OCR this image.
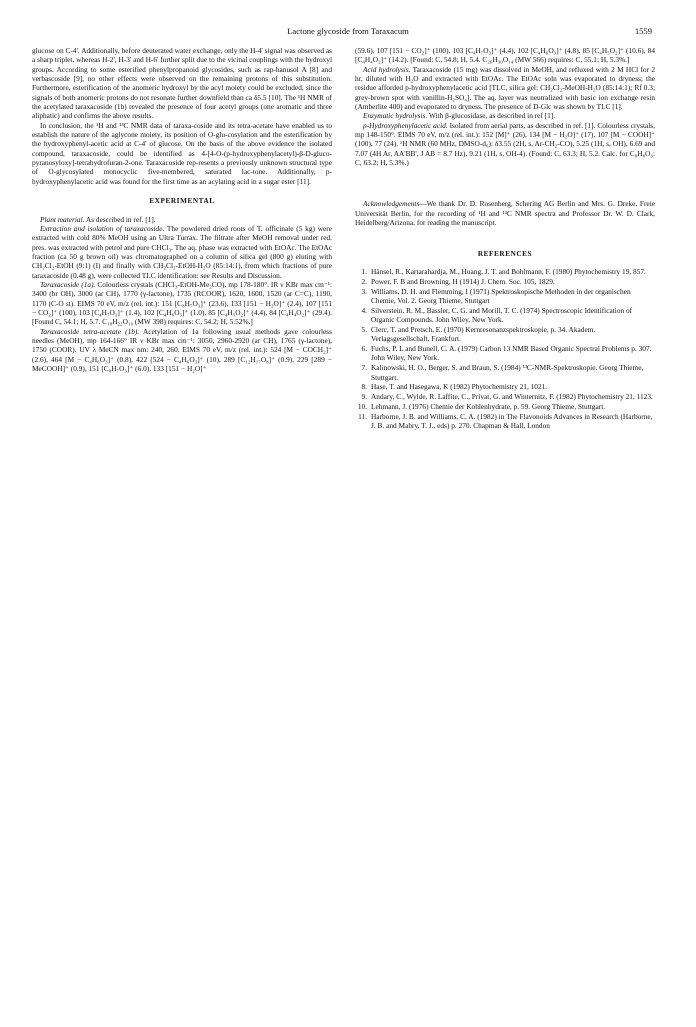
Lactone glycoside from Taraxacum	1559

glucose on C-4'. Additionally, before deuterated water exchange, only the H-4' signal was observed as a sharp triplet, whereas H-2', H-3' and H-6' further split due to the vicinal couplings with the hydroxyl groups. According to some esterified phenylpropanoid glycosides, such as rap-hanusol A [8] and verbascoside [9], no other effects were observed on the remaining protons of this substitution. Furthermore, esterification of the anomeric hydroxyl by the acyl moiety could be excluded, since the signals of both anomeric protons do not resonate further downfield than ca δ5.5 [10]. The ¹H NMR of the acetylated taraxacoside (1b) revealed the presence of four acetyl groups (one aromatic and three aliphatic) and confirms the above results.

In conclusion, the ¹H and ¹³C NMR data of taraxa-coside and its tetra-acetate have enabled us to establish the nature of the aglycone moiety, its position of O-glu-cosylation and the esterification by the hydroxyphenyl-acetic acid at C-4' of glucose. On the basis of the above evidence the isolated compound, taraxacoside, could be identified as 4-[4-O-(p-hydroxyphenylacetyl)-β-D-gluco-pyranosyloxy]-tetrahydrofuran-2-one. Taraxacoside rep-resents a previously unknown structural type of O-glycosylated monocyclic five-membered, saturated lac-tone. Additionally, p-hydroxyphenylacetic acid was found for the first time as an acylating acid in a sugar ester [11].

EXPERIMENTAL

Plant material. As described in ref. [1].

Extraction and isolation of taraxacoside. The powdered dried roots of T. officinale (5 kg) were extracted with cold 80% MeOH using an Ultra Turrax. The filtrate after MeOH removal under red. pres. was extracted with petrol and pure CHCl₃. The aq. phase was extracted with EtOAc. The EtOAc fraction (ca 50 g brown oil) was chromatographed on a column of silica gel (800 g) eluting with CH₂Cl₂-EtOH (9:1) (I) and finally with CH₂Cl₂-EtOH-H₂O (85:14:1), from which fractions of pure taraxacoside (0.48 g), were collected TLC identification: see Results and Discussion.

Taraxacoside (1a). Colourless crystals (CHCl₃-EtOH-Me₂CO), mp 178-180°. IR ν KBr max cm⁻¹: 3400 (br OH), 3000 (ar CH), 1770 (γ-lactone), 1735 (RCOOR), 1620, 1600, 1520 (ar C=C), 1190, 1170 (C-O st). EIMS 70 eV, m/z (rel. int.): 151 [C₈H₇O₃]⁺ (23.6), 133 [151 − H₂O]⁺ (2.4), 107 [151 − CO₂]⁺ (100), 103 [C₄H₇O₃]⁺ (1.4), 102 [C₄H₆O₃]⁺ (1.0), 85 [C₄H₅O₂]⁺ (4.4), 84 [C₄H₄O₂]⁺ (29.4). [Found C, 54.1; H, 5.7. C₁₈H₂₂O₁₀ (MW 398) requires: C, 54.2; H, 5.52%.]

Taraxacoside tetra-acetate (1b). Acetylation of 1a following usual methods gave colourless needles (MeOH), mp 164-166° IR ν KBr max cm⁻¹: 3050, 2960-2920 (ar CH), 1765 (γ-lactone), 1750 (COOR). UV λ MeCN max nm: 240, 260. EIMS 70 eV, m/z (rel. int.): 524 [M − COCH₂]⁺ (2.6), 464 [M − C₄H₆O₃]⁺ (0.8), 422 [524 − C₄H₆O₃]⁺ (10), 289 [C₁₂H₁₇O₈]⁺ (0.9), 229 [289 − MeCOOH]⁺ (0.9), 151 [C₈H₇O₃]⁺ (6.0), 133 [151 − H₂O]⁺

(59.6), 107 [151 − CO₂]⁺ (100), 103 [C₄H₇O₃]⁺ (4.4), 102 [C₄H₆O₃]⁺ (4.8), 85 [C₄H₅O₂]⁺ (10.6), 84 [C₄H₄O₂]⁺ (14.2). [Found: C, 54.8; H, 5.4. C₂₆H₃₀O₁₄ (MW 566) requires: C, 55.1; H, 5.3%.]

Acid hydrolysis. Taraxacoside (15 mg) was dissolved in MeOH, and refluxed with 2 M HCl for 2 hr, diluted with H₂O and extracted with EtOAc. The EtOAc soln was evaporated to dryness; the residue afforded p-hydroxyphenylacetic acid [TLC, silica gel: CH₂Cl₂-MeOH-H₂O (85:14:1); Rf 0.3; grey-brown spot with vanillin-H₂SO₄]. The aq. layer was neutralized with basic ion exchange resin (Amberlite 400) and evaporated to dryness. The presence of D-Glc was shown by TLC [1].

Enzymatic hydrolysis. With β-glucosidase, as described in ref [1].

p-Hydroxyphenylacetic acid. Isolated from aerial parts, as described in ref. [1]. Colourless crystals, mp 148-150°. EIMS 70 eV, m/z (rel. int.): 152 [M]⁺ (26), 134 [M − H₂O]⁺ (17), 107 [M − COOH]⁺ (100), 77 (24). ¹H NMR (60 MHz, DMSO-d₆): δ3.55 (2H, s, Ar-CH₂-CO), 5.25 (1H, s, OH), 6.69 and 7.07 (4H Ar, AA'BB', J AB = 8.7 Hz), 9.21 (1H, s, OH-4). (Found: C, 63.3; H, 5.2. Calc. for C₈H₈O₃: C, 63.2; H, 5.3%.)

Acknowledgements—We thank Dr. D. Rosenberg, Schering AG Berlin and Mrs. G. Dreke, Freie Universität Berlin, for the recording of ¹H and ¹³C NMR spectra and Professor Dr. W. D. Clark, Heidelberg/Arizona, for reading the manuscript.

REFERENCES
1. Hänsel, R., Kartarahardja, M., Huang, J. T. and Bohlmann, F. (1980) Phytochemistry 19, 857.
2. Power, F. B and Browning, H (1914) J. Chem. Soc. 105, 1829.
3. Williams, D. H. and Flemming, I (1971) Spektroskopische Methoden in der organischen Chemie, Vol. 2. Georg Thieme, Stuttgart
4. Silverstein, R. M., Bassler, C. G. and Morill, T. C. (1974) Spectroscopic Identification of Organic Compounds. John Wiley, New York.
5. Clerc, T. and Pretsch, E. (1970) Kernresonanzspektroskopie, p. 34. Akadem. Verlagsgesellschaft, Frankfurt.
6. Fuchs, P. L and Bunell, C. A. (1979) Carbon 13 NMR Based Organic Spectral Problems p. 307. John Wiley, New York.
7. Kalinowski, H. O., Berger, S. and Braun, S. (1984) ¹³C-NMR-Spektroskopie. Georg Thieme, Stuttgart.
8. Hase, T. and Hasegawa, K (1982) Phytochemistry 21, 1021.
9. Andary, C., Wylde, R. Laffite, C., Privat, G. and Winternitz, F. (1982) Phytochemistry 21, 1123.
10. Lehmann, J. (1976) Chemie der Kohlenhydrate, p. 59. Georg Thieme, Stuttgart.
11. Harborne, J. B. and Williams, C. A. (1982) in The Flavonoids Advances in Research (Harborne, J. B. and Mabry, T. J., eds) p. 270. Chapman & Hall, London
